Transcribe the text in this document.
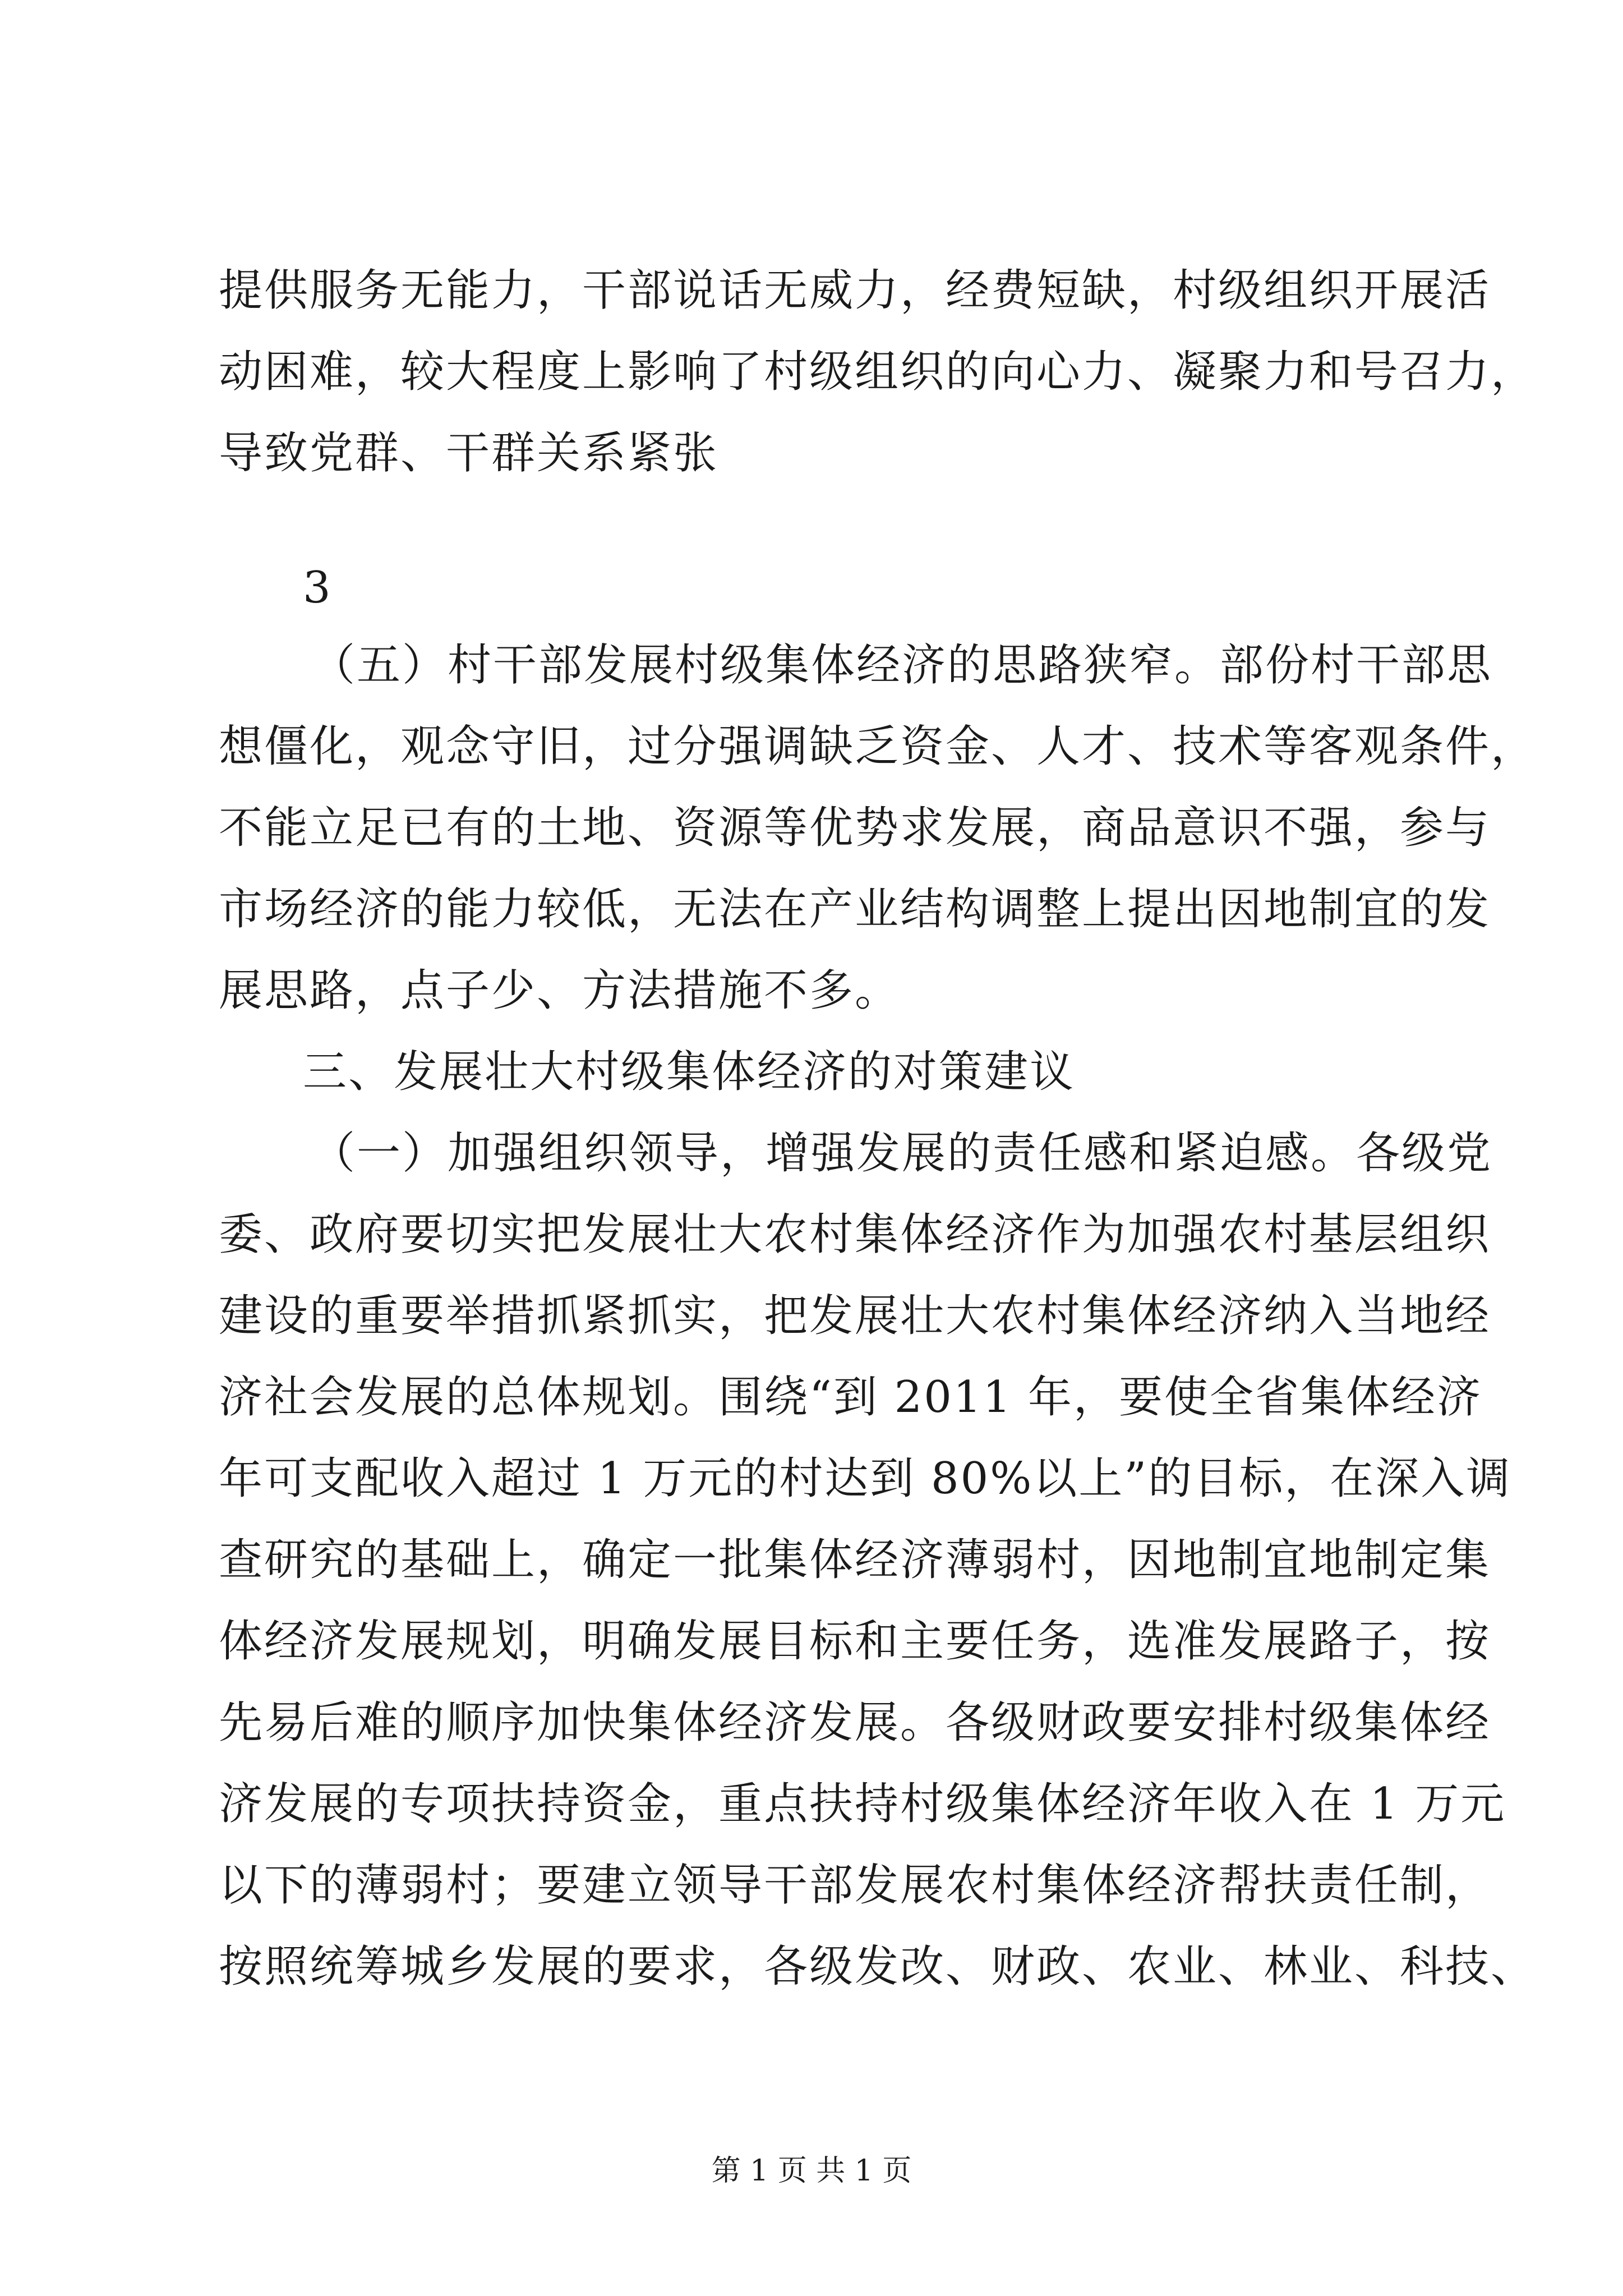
提供服务无能力，干部说话无威力，经费短缺，村级组织开展活
动困难，较大程度上影响了村级组织的向心力、凝聚力和号召力，
导致党群、干群关系紧张
3
（五）村干部发展村级集体经济的思路狭窄。部份村干部思
想僵化，观念守旧，过分强调缺乏资金、人才、技术等客观条件，
不能立足已有的土地、资源等优势求发展，商品意识不强，参与
市场经济的能力较低，无法在产业结构调整上提出因地制宜的发
展思路，点子少、方法措施不多。
三、发展壮大村级集体经济的对策建议
（一）加强组织领导，增强发展的责任感和紧迫感。各级党
委、政府要切实把发展壮大农村集体经济作为加强农村基层组织
建设的重要举措抓紧抓实，把发展壮大农村集体经济纳入当地经
济社会发展的总体规划。围绕“到 2011 年，要使全省集体经济
年可支配收入超过 1 万元的村达到 80%以上”的目标，在深入调
查研究的基础上，确定一批集体经济薄弱村，因地制宜地制定集
体经济发展规划，明确发展目标和主要任务，选准发展路子，按
先易后难的顺序加快集体经济发展。各级财政要安排村级集体经
济发展的专项扶持资金，重点扶持村级集体经济年收入在 1 万元
以下的薄弱村；要建立领导干部发展农村集体经济帮扶责任制，
按照统筹城乡发展的要求，各级发改、财政、农业、林业、科技、
第 1 页 共 1 页
